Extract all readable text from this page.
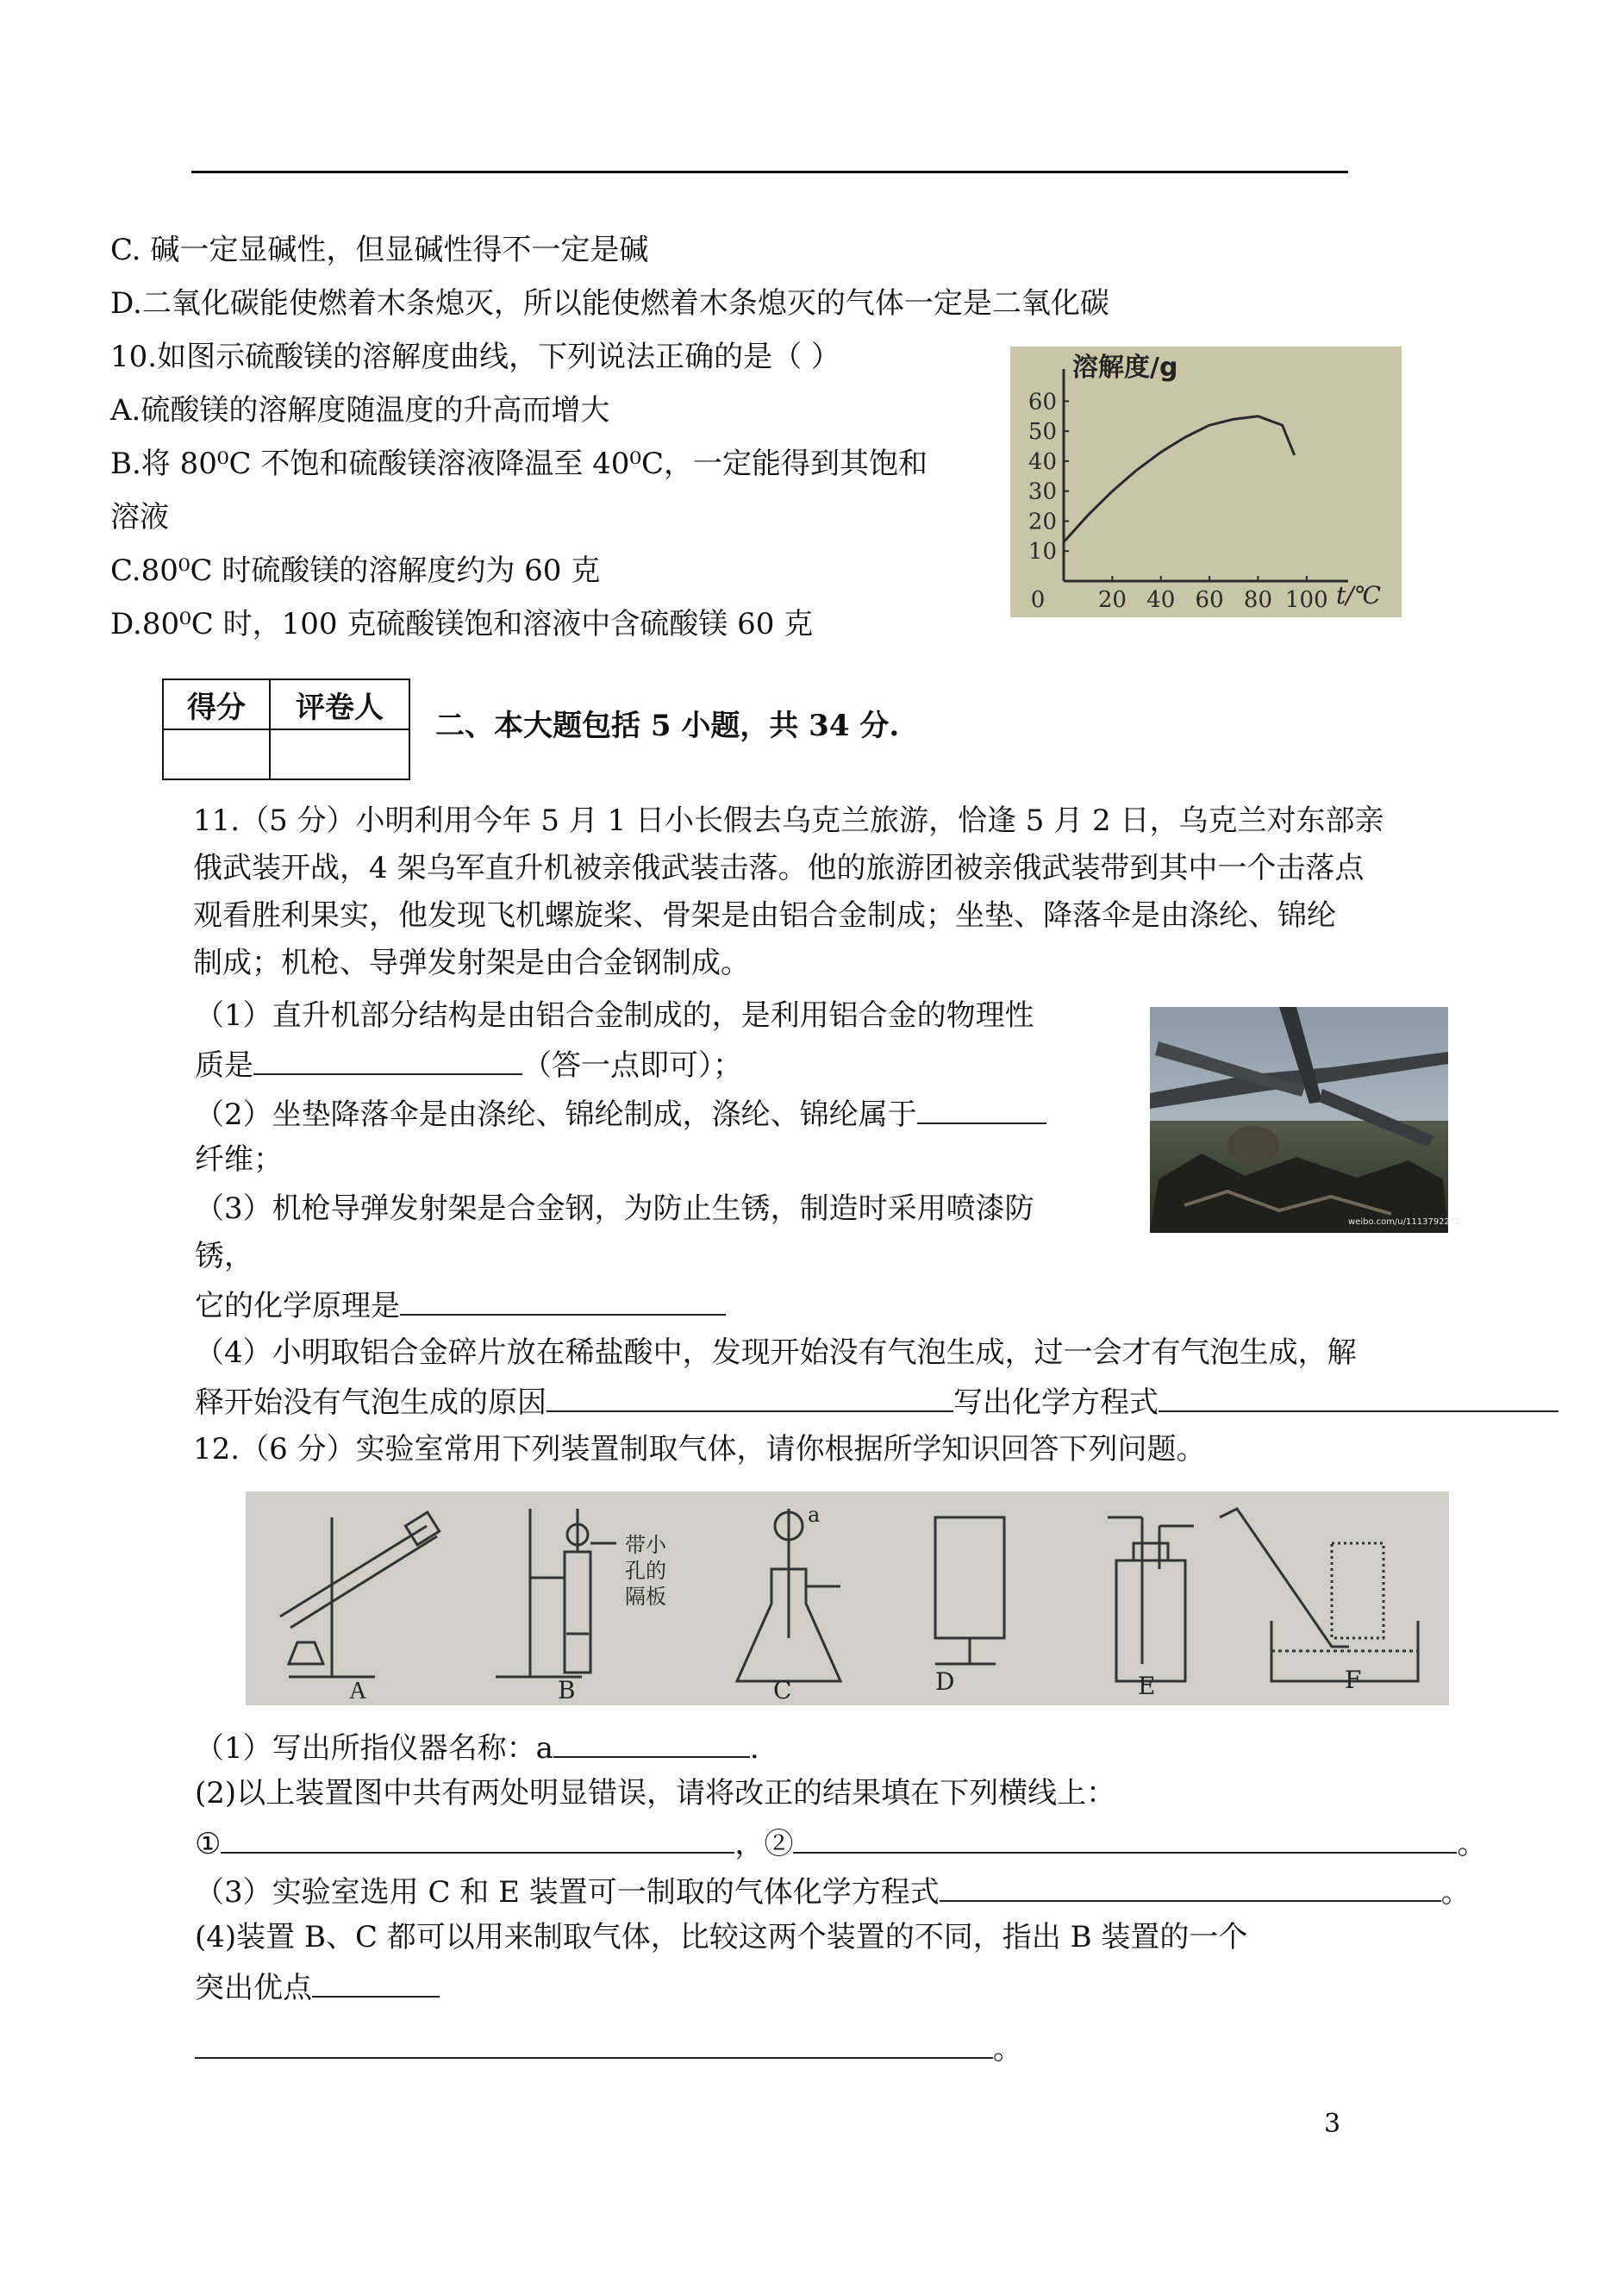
C. 碱一定显碱性，但显碱性得不一定是碱
D.二氧化碳能使燃着木条熄灭，所以能使燃着木条熄灭的气体一定是二氧化碳
10.如图示硫酸镁的溶解度曲线，下列说法正确的是（ ）
A.硫酸镁的溶解度随温度的升高而增大
B.将 80⁰C 不饱和硫酸镁溶液降温至 40⁰C，一定能得到其饱和
溶液
C.80⁰C 时硫酸镁的溶解度约为 60 克
D.80⁰C 时，100 克硫酸镁饱和溶液中含硫酸镁 60 克
溶解度/g
t/℃
10
20
30
40
50
60
0 20 40 60 80 100
得分	评卷人

二、本大题包括 5 小题，共 34 分.
11.（5 分）小明利用今年 5 月 1 日小长假去乌克兰旅游，恰逢 5 月 2 日，乌克兰对东部亲
俄武装开战，4 架乌军直升机被亲俄武装击落。他的旅游团被亲俄武装带到其中一个击落点
观看胜利果实，他发现飞机螺旋桨、骨架是由铝合金制成；坐垫、降落伞是由涤纶、锦纶
制成；机枪、导弹发射架是由合金钢制成。
（1）直升机部分结构是由铝合金制成的，是利用铝合金的物理性
质是	（答一点即可）；
（2）坐垫降落伞是由涤纶、锦纶制成，涤纶、锦纶属于
纤维；
（3）机枪导弹发射架是合金钢，为防止生锈，制造时采用喷漆防
锈，
它的化学原理是
（4）小明取铝合金碎片放在稀盐酸中，发现开始没有气泡生成，过一会才有气泡生成，解
释开始没有气泡生成的原因	写出化学方程式
weibo.com/u/1113792272
12.（6 分）实验室常用下列装置制取气体，请你根据所学知识回答下列问题。
A	B	C	D	E	F
a
带小
孔的
隔板
（1）写出所指仪器名称：a	.
(2)以上装置图中共有两处明显错误，请将改正的结果填在下列横线上：
①	，②	。
（3）实验室选用 C 和 E 装置可一制取的气体化学方程式	。
(4)装置 B、C 都可以用来制取气体，比较这两个装置的不同，指出 B 装置的一个
突出优点
。
3
